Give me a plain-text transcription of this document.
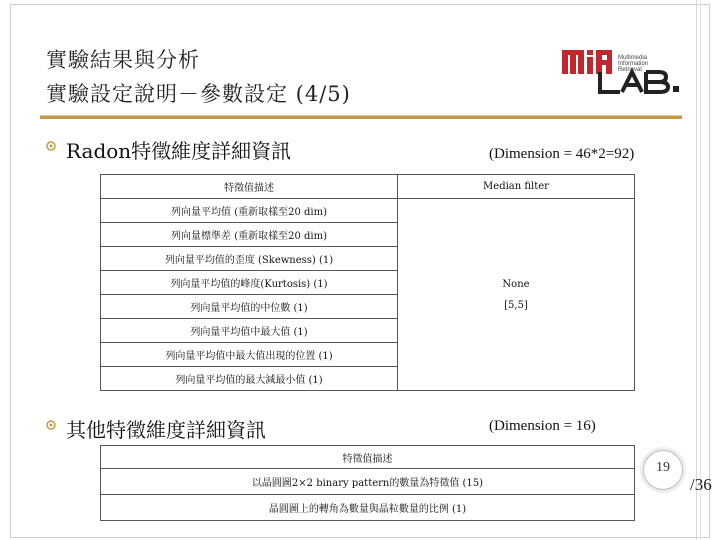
實驗結果與分析
實驗設定說明－參數設定 (4/5)
Multimedia
Information
Retrieval
Radon特徵維度詳細資訊	(Dimension = 46*2=92)
特徵值描述	Median filter
列向量平均值 (重新取樣至20 dim)	None
[5,5]

列向量標準差 (重新取樣至20 dim)	
列向量平均值的歪度 (Skewness) (1)	
列向量平均值的峰度(Kurtosis) (1)	
列向量平均值的中位數 (1)	
列向量平均值中最大值 (1)	
列向量平均值中最大值出現的位置 (1)	
列向量平均值的最大減最小值 (1)	
其他特徵維度詳細資訊	(Dimension = 16)
特徵值描述
以晶圓圖2×2 binary pattern的數量為特徵值 (15)
晶圓圖上的轉角為數量與晶粒數量的比例 (1)
19
/36
